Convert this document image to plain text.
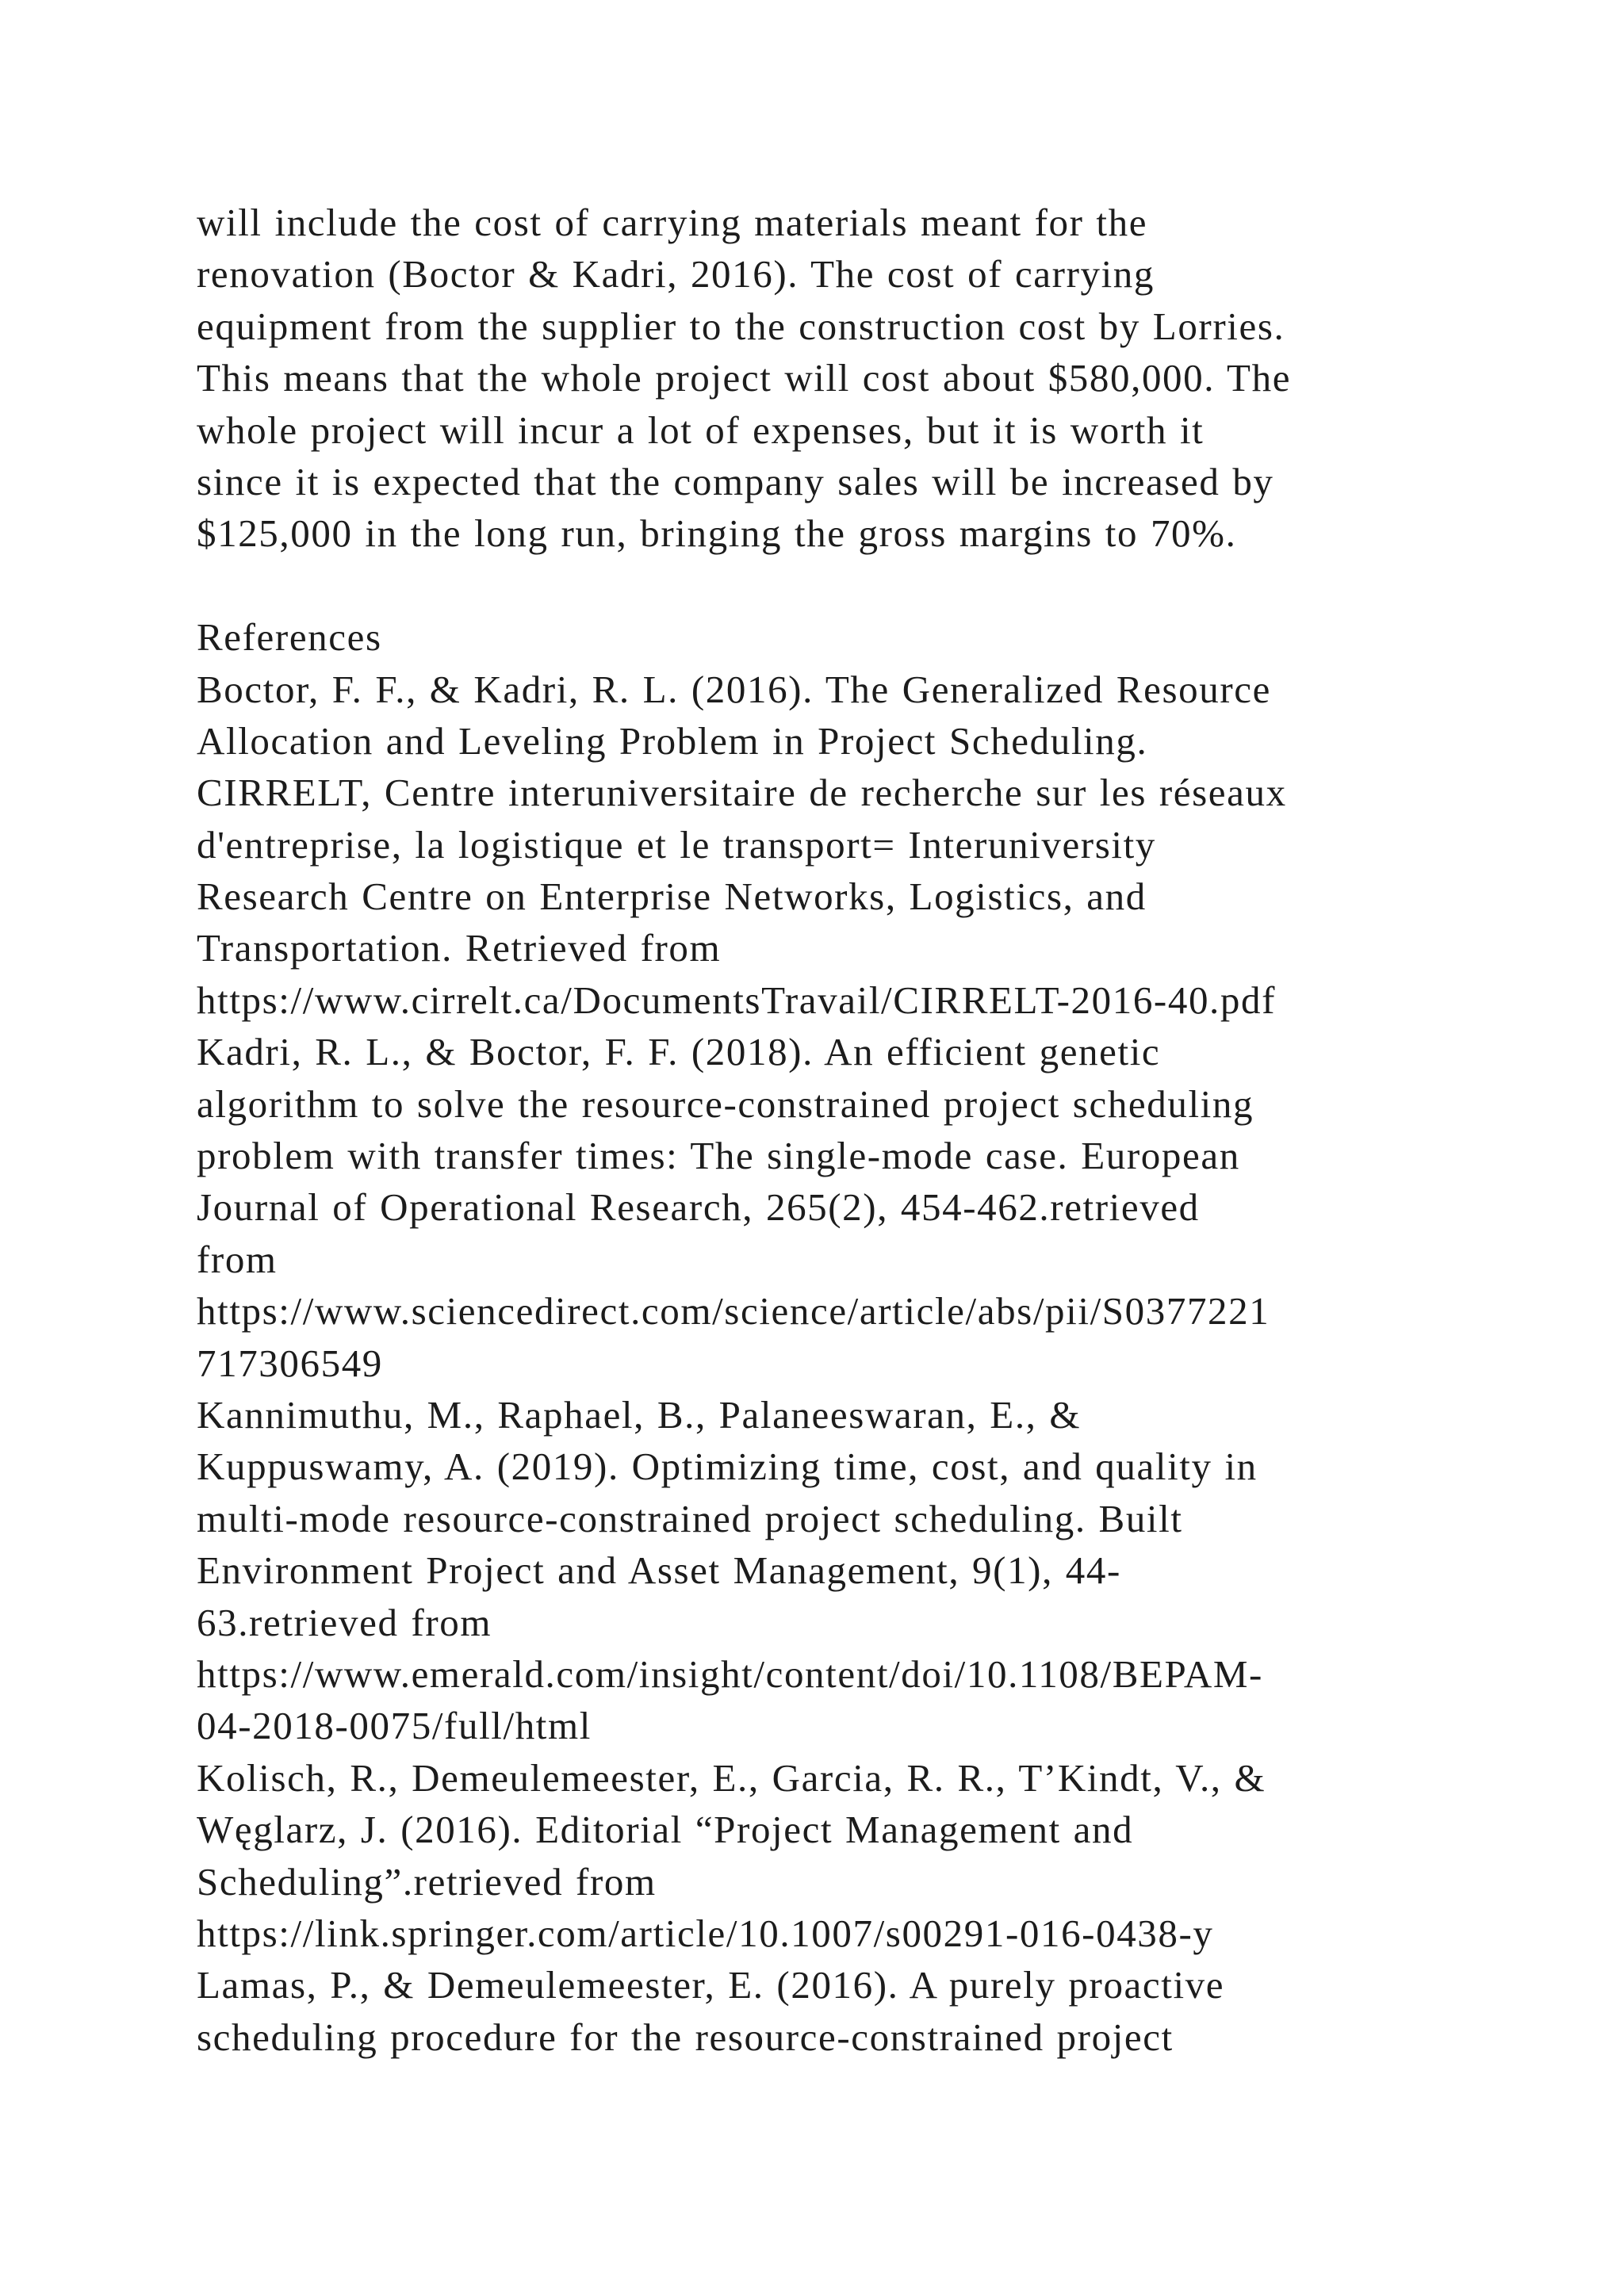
will include the cost of carrying materials meant for the
renovation (Boctor & Kadri, 2016). The cost of carrying
equipment from the supplier to the construction cost by Lorries.
This means that the whole project will cost about $580,000. The
whole project will incur a lot of expenses, but it is worth it
since it is expected that the company sales will be increased by
$125,000 in the long run, bringing the gross margins to 70%.
References
Boctor, F. F., & Kadri, R. L. (2016). The Generalized Resource
Allocation and Leveling Problem in Project Scheduling.
CIRRELT, Centre interuniversitaire de recherche sur les réseaux
d'entreprise, la logistique et le transport= Interuniversity
Research Centre on Enterprise Networks, Logistics, and
Transportation. Retrieved from
https://www.cirrelt.ca/DocumentsTravail/CIRRELT-2016-40.pdf
Kadri, R. L., & Boctor, F. F. (2018). An efficient genetic
algorithm to solve the resource-constrained project scheduling
problem with transfer times: The single-mode case. European
Journal of Operational Research, 265(2), 454-462.retrieved
from
https://www.sciencedirect.com/science/article/abs/pii/S0377221
717306549
Kannimuthu, M., Raphael, B., Palaneeswaran, E., &
Kuppuswamy, A. (2019). Optimizing time, cost, and quality in
multi-mode resource-constrained project scheduling. Built
Environment Project and Asset Management, 9(1), 44-
63.retrieved from
https://www.emerald.com/insight/content/doi/10.1108/BEPAM-
04-2018-0075/full/html
Kolisch, R., Demeulemeester, E., Garcia, R. R., T’Kindt, V., &
Węglarz, J. (2016). Editorial “Project Management and
Scheduling”.retrieved from
https://link.springer.com/article/10.1007/s00291-016-0438-y
Lamas, P., & Demeulemeester, E. (2016). A purely proactive
scheduling procedure for the resource-constrained project
